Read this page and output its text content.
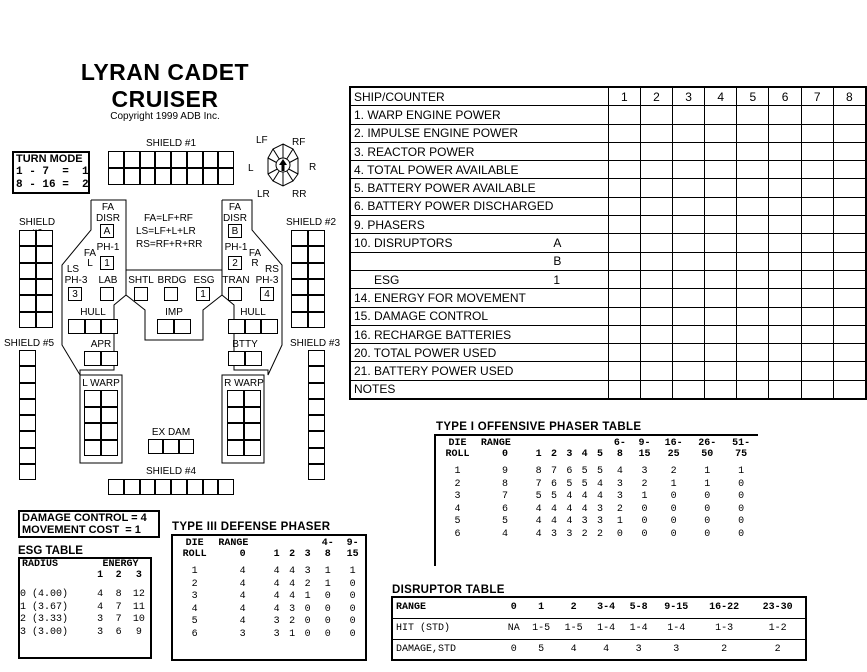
LYRAN CADET
CRUISER
Copyright 1999 ADB Inc.
TURN MODE
1 - 7  =  1
8 - 16 =  2
SHIELD #1	LF RF
L	R
LR RR
FA=LF+RF
LS=LF+L+LR
RS=RF+R+RR
SHIELD	SHIELD #2
SHIELD #5	SHIELD #3
SHIELD #4
FA
DISR
A
FA
L
PH-1
1
LS
PH-3
3
LAB
HULL
APR
L WARP
SHTL BRDG ESG
1
IMP
EX DAM
FA
DISR
B
FA
R
PH-1
2
RS
PH-3
4
TRAN
HULL
BTTY
R WARP
SHIP/COUNTER		1	2	3	4	5	6	7	8
1. WARP ENGINE POWER									
2. IMPULSE ENGINE POWER									
3. REACTOR POWER									
4. TOTAL POWER AVAILABLE									
5. BATTERY POWER AVAILABLE									
6. BATTERY POWER DISCHARGED									
9. PHASERS									
10. DISRUPTORS	A								
	B								
ESG	1								
14. ENERGY FOR MOVEMENT									
15. DAMAGE CONTROL									
16. RECHARGE BATTERIES									
20. TOTAL POWER USED									
21. BATTERY POWER USED									
NOTES									
TYPE I OFFENSIVE PHASER TABLE
DIE	RANGE						6-	9-	16-	26-	51-
ROLL	0	1	2	3	4	5	8	15	25	50	75

1	9	8	7	6	5	5	4	3	2	1	1
2	8	7	6	5	5	4	3	2	1	1	0
3	7	5	5	4	4	4	3	1	0	0	0
4	6	4	4	4	4	3	2	0	0	0	0
5	5	4	4	4	3	3	1	0	0	0	0
6	4	4	3	3	2	2	0	0	0	0	0
DAMAGE CONTROL = 4
MOVEMENT COST  = 1
ESG TABLE
RADIUS	ENERGY		
	1	2	3

0 (4.00)	4	8	12
1 (3.67)	4	7	11
2 (3.33)	3	7	10
3 (3.00)	3	6	9
TYPE III DEFENSE PHASER
DIE	RANGE				4-	9-
ROLL	0	1	2	3	8	15

1	4	4	4	3	1	1
2	4	4	4	2	1	0
3	4	4	4	1	0	0
4	4	4	3	0	0	0
5	4	3	2	0	0	0
6	3	3	1	0	0	0
DISRUPTOR TABLE
RANGE	0	1	2	3-4	5-8	9-15	16-22	23-30
HIT (STD)	NA	1-5	1-5	1-4	1-4	1-4	1-3	1-2
DAMAGE,STD	0	5	4	4	3	3	2	2
